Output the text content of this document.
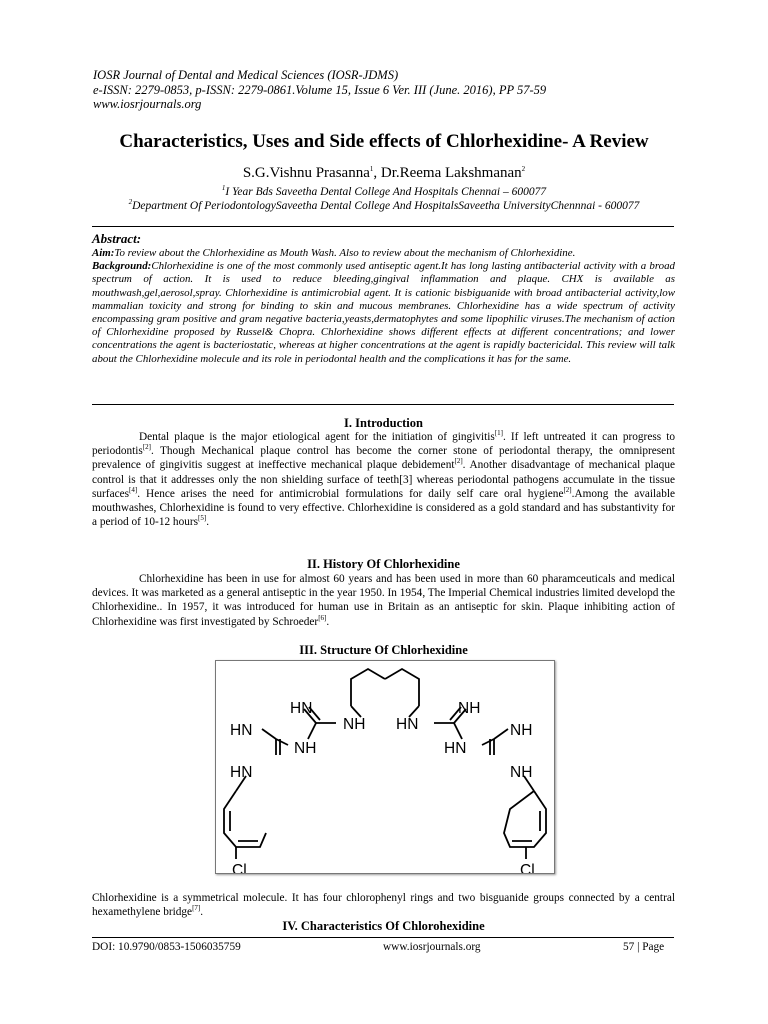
IOSR Journal of Dental and Medical Sciences (IOSR-JDMS)
e-ISSN: 2279-0853, p-ISSN: 2279-0861.Volume 15, Issue 6 Ver. III (June. 2016), PP 57-59
www.iosrjournals.org
Characteristics, Uses and Side effects of Chlorhexidine- A Review
S.G.Vishnu Prasanna$^1$, Dr.Reema Lakshmanan$^2$
$^1$I Year Bds Saveetha Dental College And Hospitals Chennai – 600077
$^2$Department Of PeriodontologySaveetha Dental College And HospitalsSaveetha UniversityChennnai - 600077
Abstract:
Aim:To review about the Chlorhexidine as Mouth Wash. Also to review about the mechanism of Chlorhexidine.
Background:Chlorhexidine is one of the most commonly used antiseptic agent.It has long lasting antibacterial activity with a broad spectrum of action. It is used to reduce bleeding,gingival inflammation and plaque. CHX is available as mouthwash,gel,aerosol,spray. Chlorhexidine is antimicrobial agent. It is cationic bisbiguanide with broad antibacterial activity,low mammalian toxicity and strong for binding to skin and mucous membranes. Chlorhexidine has a wide spectrum of activity encompassing gram positive and gram negative bacteria,yeasts,dermatophytes and some lipophilic viruses.The mechanism of action of Chlorhexidine proposed by Russel& Chopra. Chlorhexidine shows different effects at different concentrations; and lower concentrations the agent is bacteriostatic, whereas at higher concentrations at the agent is rapidly bactericidal. This review will talk about the Chlorhexidine molecule and its role in periodontal health and the complications it has for the same.
I. Introduction
Dental plaque is the major etiological agent for the initiation of gingivitis[1]. If left untreated it can progress to periodontis[2]. Though Mechanical plaque control has become the corner stone of periodontal therapy, the omnipresent prevalence of gingivitis suggest at ineffective mechanical plaque debidement[2]. Another disadvantage of mechanical plaque control is that it addresses only the non shielding surface of teeth[3] whereas periodontal pathogens accumulate in the tissue surfaces[4]. Hence arises the need for antimicrobial formulations for daily self care oral hygiene[2].Among the available mouthwashes, Chlorhexidine is found to very effective. Chlorhexidine is considered as a gold standard and has substantivity for a period of 10-12 hours[5].
II. History Of Chlorhexidine
Chlorhexidine has been in use for almost 60 years and has been used in more than 60 pharamceuticals and medical devices. It was marketed as a general antiseptic in the year 1950. In 1954, The Imperial Chemical industries limited developd the Chlorhexidine.. In 1957, it was introduced for human use in Britain as an antiseptic for skin. Plaque inhibiting action of Chlorhexidine was first investigated by Schroeder[6].
III. Structure Of Chlorhexidine
HN
NH HN
NH
HN
NH
NH
HN
HN	NH
Cl	Cl
Chlorhexidine is a symmetrical molecule. It has four chlorophenyl rings and two bisguanide groups connected by a central hexamethylene bridge[7].
IV. Characteristics Of Chlorohexidine
DOI: 10.9790/0853-1506035759	www.iosrjournals.org	57 | Page
